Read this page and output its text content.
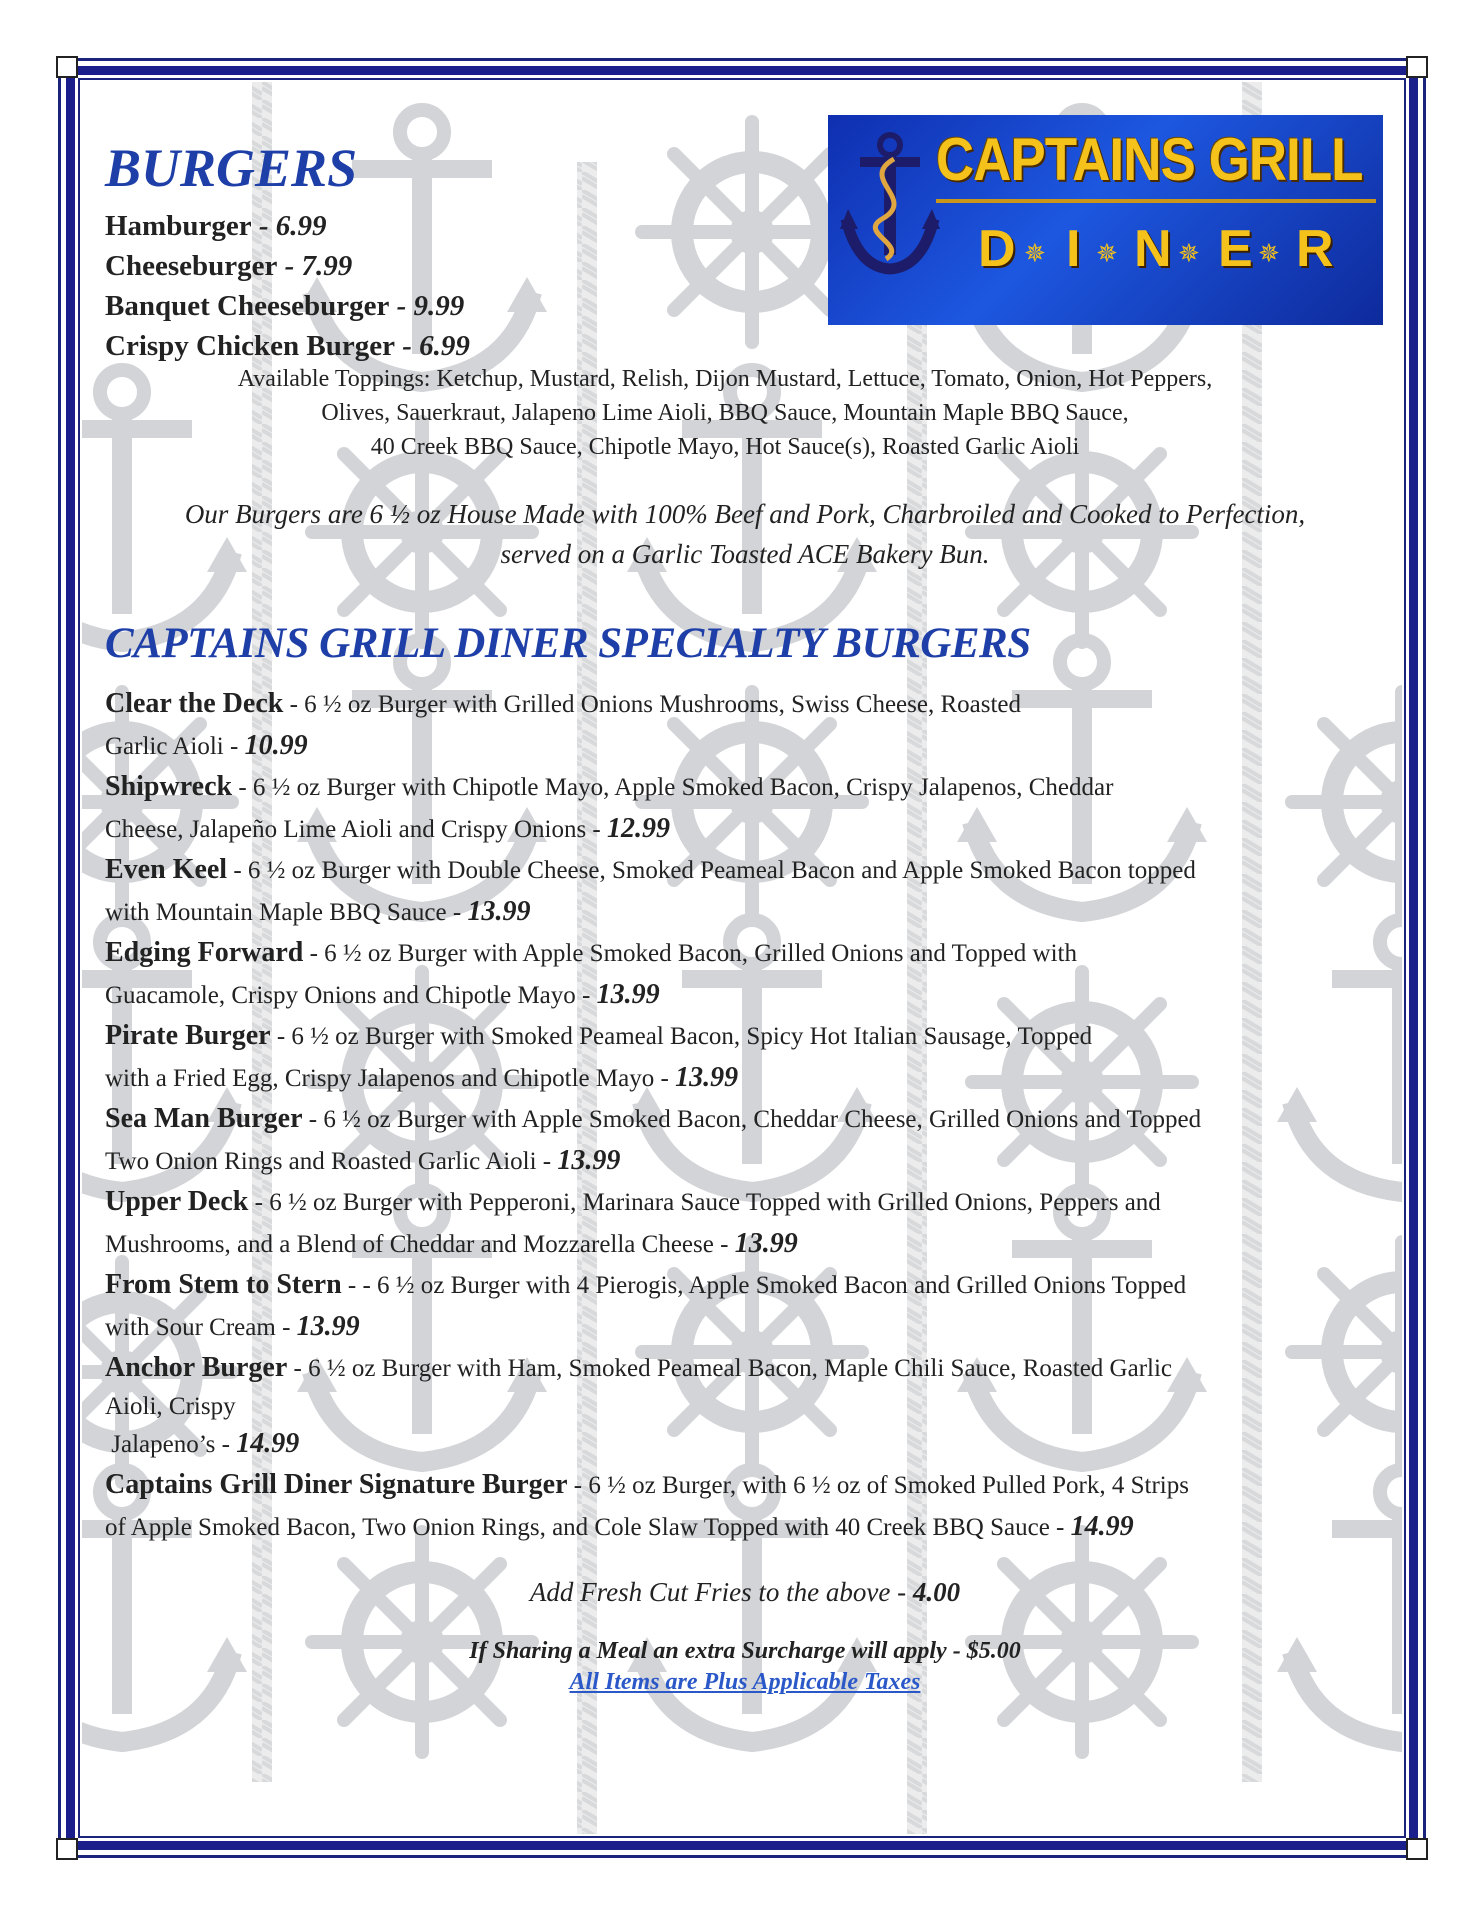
CAPTAINS GRILL
D ✵ I ✵ N ✵ E ✵ R
BURGERS
Hamburger - 6.99
Cheeseburger - 7.99
Banquet Cheeseburger - 9.99
Crispy Chicken Burger - 6.99
Available Toppings: Ketchup, Mustard, Relish, Dijon Mustard, Lettuce, Tomato, Onion, Hot Peppers,
Olives, Sauerkraut, Jalapeno Lime Aioli, BBQ Sauce, Mountain Maple BBQ Sauce,
40 Creek BBQ Sauce, Chipotle Mayo, Hot Sauce(s), Roasted Garlic Aioli
Our Burgers are 6 ½ oz House Made with 100% Beef and Pork, Charbroiled and Cooked to Perfection,
served on a Garlic Toasted ACE Bakery Bun.
CAPTAINS GRILL DINER SPECIALTY BURGERS
Clear the Deck - 6 ½ oz Burger with Grilled Onions Mushrooms, Swiss Cheese, Roasted
Garlic Aioli - 10.99
Shipwreck - 6 ½ oz Burger with Chipotle Mayo, Apple Smoked Bacon, Crispy Jalapenos, Cheddar
Cheese, Jalapeño Lime Aioli and Crispy Onions - 12.99
Even Keel - 6 ½ oz Burger with Double Cheese, Smoked Peameal Bacon and Apple Smoked Bacon topped
with Mountain Maple BBQ Sauce - 13.99
Edging Forward - 6 ½ oz Burger with Apple Smoked Bacon, Grilled Onions and Topped with
Guacamole, Crispy Onions and Chipotle Mayo - 13.99
Pirate Burger - 6 ½ oz Burger with Smoked Peameal Bacon, Spicy Hot Italian Sausage, Topped
with a Fried Egg, Crispy Jalapenos and Chipotle Mayo - 13.99
Sea Man Burger - 6 ½ oz Burger with Apple Smoked Bacon, Cheddar Cheese, Grilled Onions and Topped
Two Onion Rings and Roasted Garlic Aioli - 13.99
Upper Deck - 6 ½ oz Burger with Pepperoni, Marinara Sauce Topped with Grilled Onions, Peppers and
Mushrooms, and a Blend of Cheddar and Mozzarella Cheese - 13.99
From Stem to Stern - - 6 ½ oz Burger with 4 Pierogis, Apple Smoked Bacon and Grilled Onions Topped
with Sour Cream - 13.99
Anchor Burger - 6 ½ oz Burger with Ham, Smoked Peameal Bacon, Maple Chili Sauce, Roasted Garlic
Aioli, Crispy
Jalapeno’s - 14.99
Captains Grill Diner Signature Burger - 6 ½ oz Burger, with 6 ½ oz of Smoked Pulled Pork, 4 Strips
of Apple Smoked Bacon, Two Onion Rings, and Cole Slaw Topped with 40 Creek BBQ Sauce - 14.99
Add Fresh Cut Fries to the above - 4.00
If Sharing a Meal an extra Surcharge will apply - $5.00
All Items are Plus Applicable Taxes
